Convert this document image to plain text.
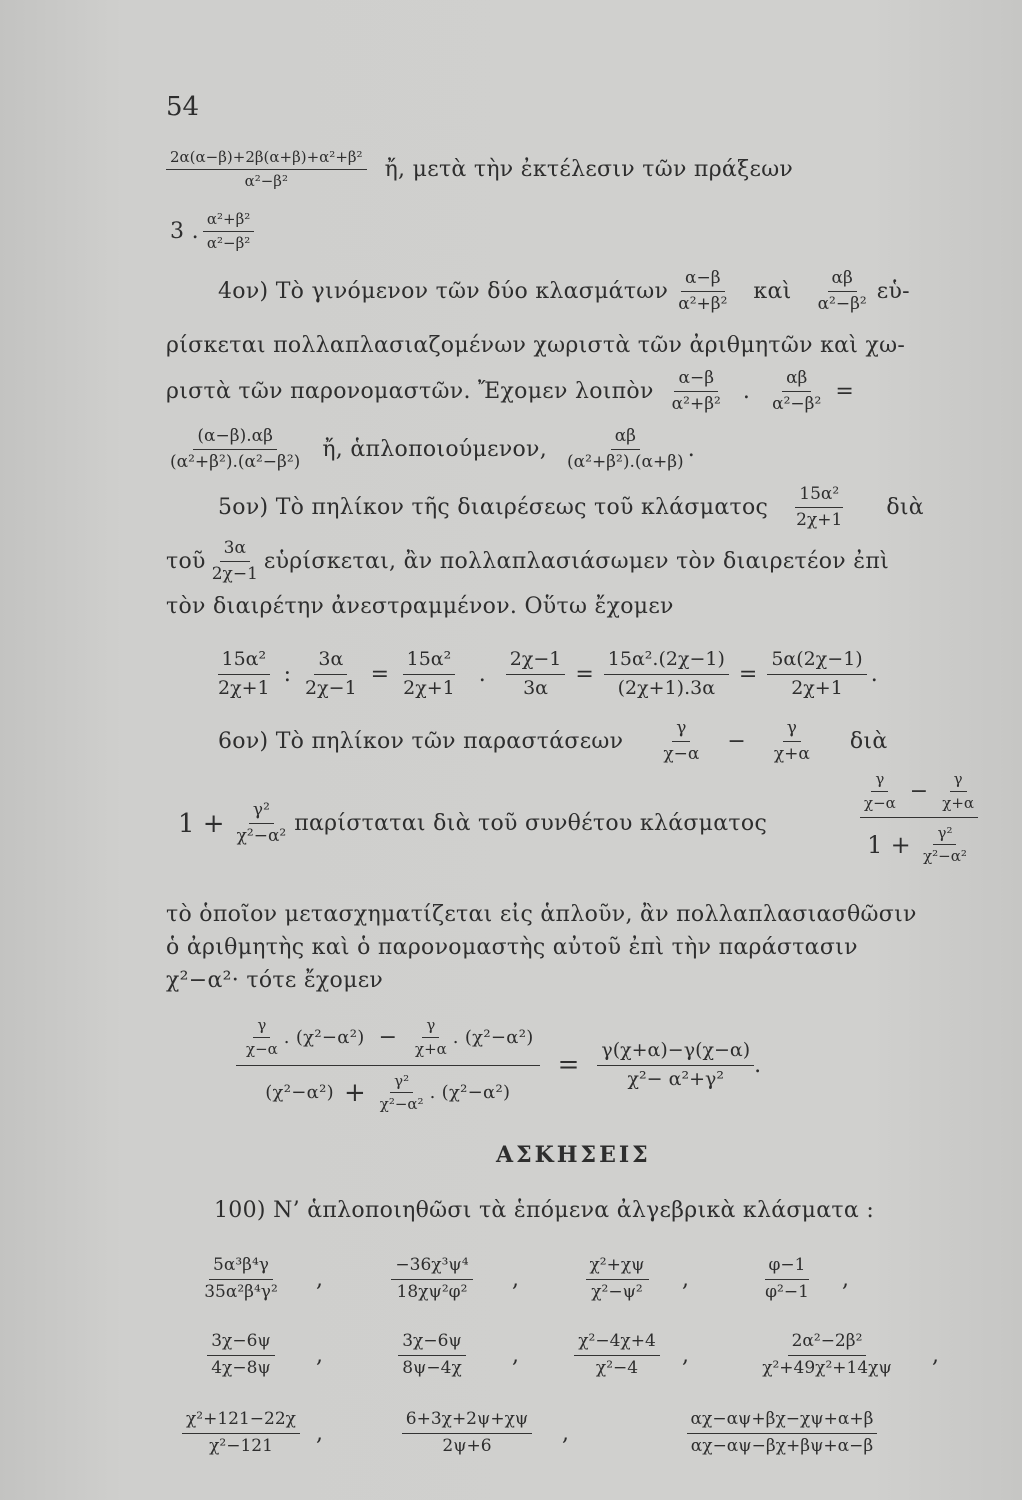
54
$\frac{\text{2α(α−β)+2β(α+β)+α²+β²}}{\text{α²−β²}}$ ἤ, μετὰ τὴν ἐκτέλεσιν τῶν πράξεων
3 . $\frac{\text{α²+β²}}{\text{α²−β²}}$
4ον) Τὸ γινόμενον τῶν δύο κλασμάτων $\frac{\alpha-\beta}{\text{α²+β²}}$ καὶ $\frac{\alpha\beta}{\text{α²−β²}}$ εὑ-
ρίσκεται πολλαπλασιαζομένων χωριστὰ τῶν ἀριθμητῶν καὶ χω-
ριστὰ τῶν παρονομαστῶν. Ἔχομεν λοιπὸν $\frac{\alpha-\beta}{\text{α²+β²}}$ . $\frac{\alpha\beta}{\text{α²−β²}}$ =
$\frac{(\alpha-\beta).\alpha\beta}{\text{(α²+β²).(α²−β²)}}$ ἤ, ἁπλοποιούμενον, $\frac{\alpha\beta}{\text{(α²+β²).(α+β)}}$ .
5ον) Τὸ πηλίκον τῆς διαιρέσεως τοῦ κλάσματος $\frac{\text{15α²}}{2\chi+1}$ διὰ
τοῦ $\frac{3\alpha}{2\chi-1}$ εὑρίσκεται, ἂν πολλαπλασιάσωμεν τὸν διαιρετέον ἐπὶ
τὸν διαιρέτην ἀνεστραμμένον. Οὕτω ἔχομεν
$\frac{\text{15α²}}{2\chi+1}$ : $\frac{3\alpha}{2\chi-1} = \frac{\text{15α²}}{2\chi+1}$ . $\frac{2\chi-1}{3\alpha} = \frac{\text{15α².(2χ−1)}}{(2\chi+1).3\alpha} = \frac{5\alpha(2\chi-1)}{2\chi+1}$ .
6ον) Τὸ πηλίκον τῶν παραστάσεων $\frac{\gamma}{\chi-\alpha} - \frac{\gamma}{\chi+\alpha}$ διὰ
$1 + \frac{\text{γ²}}{\text{χ²−α²}}$ παρίσταται διὰ τοῦ συνθέτου κλάσματος	$\frac{\frac{\gamma}{\chi-\alpha} - \frac{\gamma}{\chi+\alpha}}{1 + \frac{\text{γ²}}{\text{χ²−α²}}}$
τὸ ὁποῖον μετασχηματίζεται εἰς ἁπλοῦν, ἂν πολλαπλασιασθῶσιν
ὁ ἀριθμητὴς καὶ ὁ παρονομαστὴς αὐτοῦ ἐπὶ τὴν παράστασιν
χ²−α²· τότε ἔχομεν
$\frac{\gamma}{\chi-\alpha}$ . $(\chi^2-\alpha^2) - \frac{\gamma}{\chi+\alpha}$ . (χ²−α²)
$(\chi^2-\alpha^2) + \frac{\text{γ²}}{\text{χ²−α²}}$ . (χ²−α²)
= $\frac{\gamma(\chi+\alpha)-\gamma(\chi-\alpha)}{\text{χ²− α²+γ²}}$ .
ΑΣΚΗΣΕΙΣ
100) Ν’ ἁπλοποιηθῶσι τὰ ἑπόμενα ἀλγεβρικὰ κλάσματα :
$\frac{\text{5α³β⁴γ}}{\text{35α²β⁴γ²}}$ ,	$\frac{\text{−36χ³ψ⁴}}{\text{18χψ²φ²}}$ ,	$\frac{\text{χ²+χψ}}{\text{χ²−ψ²}}$ ,	$\frac{\varphi-1}{\text{φ²−1}}$ ,
$\frac{3\chi-6\psi}{4\chi-8\psi}$ ,	$\frac{3\chi-6\psi}{8\psi-4\chi}$ ,	$\frac{\text{χ²−4χ+4}}{\text{χ²−4}}$ ,	$\frac{\text{2α²−2β²}}{\text{χ²+49χ²+14χψ}}$ ,
$\frac{\text{χ²+121−22χ}}{\text{χ²−121}}$ ,	$\frac{6+3\chi+2\psi+\chi\psi}{2\psi+6}$ ,	$\frac{\alpha\chi-\alpha\psi+\beta\chi-\chi\psi+\alpha+\beta}{\alpha\chi-\alpha\psi-\beta\chi+\beta\psi+\alpha-\beta}$
